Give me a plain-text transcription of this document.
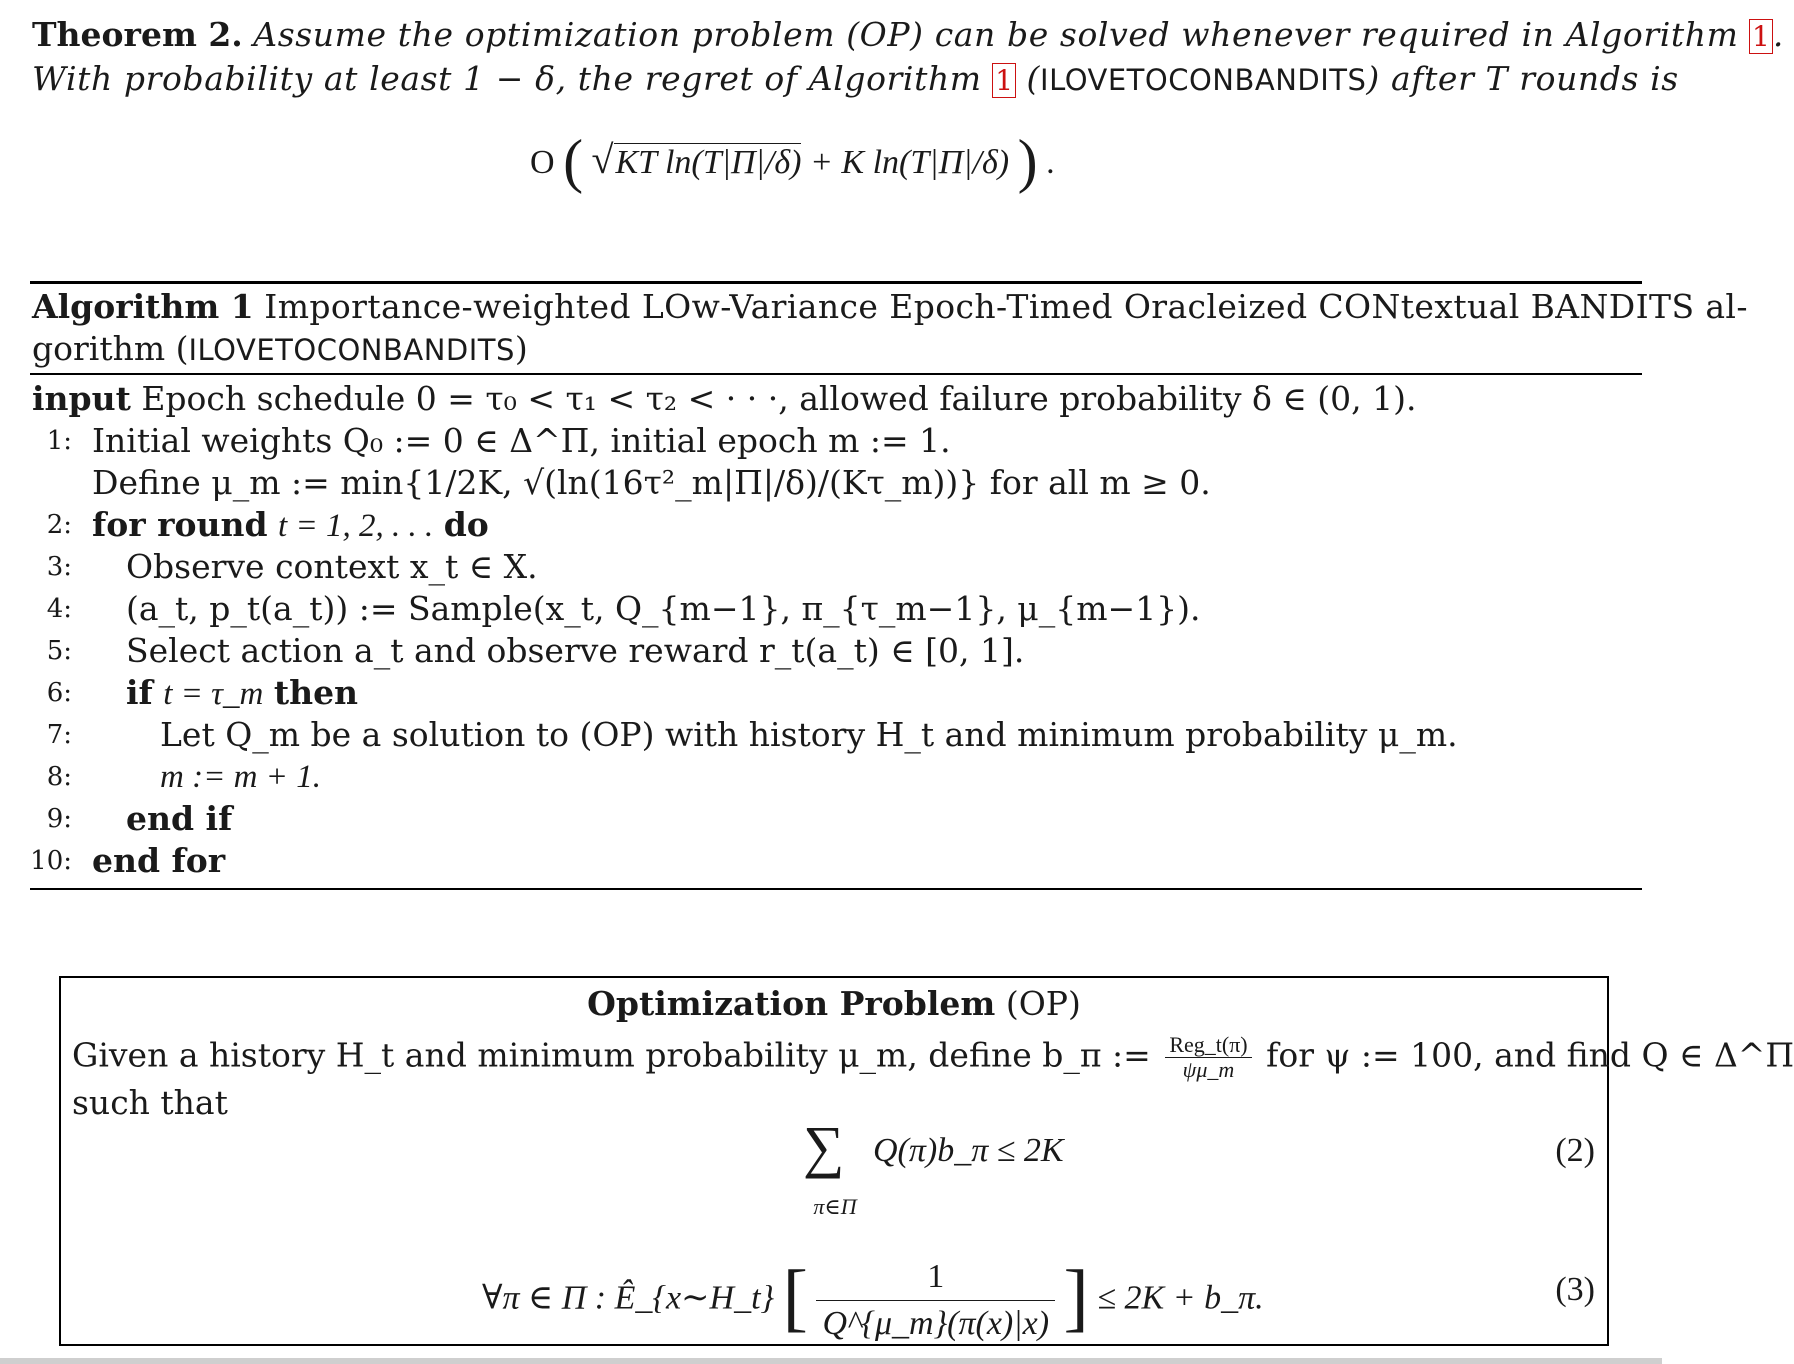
Theorem 2. Assume the optimization problem (OP) can be solved whenever required in Algorithm 1.
With probability at least 1 − δ, the regret of Algorithm 1 (ILOVETOCONBANDITS) after T rounds is
O ( √KT ln(T|Π|/δ) + K ln(T|Π|/δ) ) .
Algorithm 1 Importance-weighted LOw-Variance Epoch-Timed Oracleized CONtextual BANDITS al-
gorithm (ILOVETOCONBANDITS)
input Epoch schedule 0 = τ₀ < τ₁ < τ₂ < · · ·, allowed failure probability δ ∈ (0, 1).
1: Initial weights Q₀ := 0 ∈ Δ^Π, initial epoch m := 1.
Define μ_m := min{1/2K, √(ln(16τ²_m|Π|/δ)/(Kτ_m))} for all m ≥ 0.
2: for round t = 1, 2, . . . do
3: Observe context x_t ∈ X.
4: (a_t, p_t(a_t)) := Sample(x_t, Q_{m−1}, π_{τ_m−1}, μ_{m−1}).
5: Select action a_t and observe reward r_t(a_t) ∈ [0, 1].
6: if t = τ_m then
7:	Let Q_m be a solution to (OP) with history H_t and minimum probability μ_m.
8:	m := m + 1.
9: end if
10: end for
Optimization Problem (OP)
Given a history H_t and minimum probability μ_m, define b_π := $\frac{\text{Reg\_t(π)}}{\psi\mu\_m}$ for ψ := 100, and find Q ∈ Δ^Π
such that
∑
π∈Π
Q(π)b_π ≤ 2K	(2)
∀π ∈ Π : Ê_{x∼H_t} [ $\frac{1}{Q\^{}\{\mu\_m\}(\pi(x)|x)}$ ] ≤ 2K + b_π.	(3)
